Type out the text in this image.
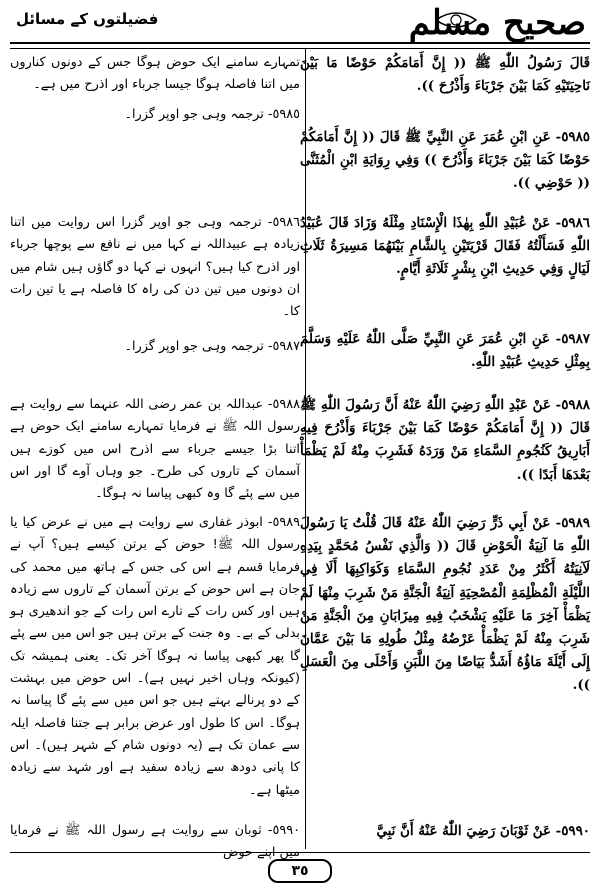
صحیح مسلم
فضیلتوں کے مسائل
قَالَ رَسُولُ اللّٰهِ ﷺ (( إِنَّ أَمَامَكُمْ حَوْضًا مَا بَيْنَ نَاحِيَتَيْهِ كَمَا بَيْنَ جَرْبَاءَ وَأَذْرُحَ )).
٥٩٨٥- عَنِ ابْنِ عُمَرَ عَنِ النَّبِيِّ ﷺ قَالَ (( إِنَّ أَمَامَكُمْ حَوْضًا كَمَا بَيْنَ جَرْبَاءَ وَأَذْرُحَ )) وَفِي رِوَايَةِ ابْنِ الْمُثَنَّى (( حَوْضِي )).
٥٩٨٦- عَنْ عُبَيْدِ اللّٰهِ بِهٰذَا الْإِسْنَادِ مِثْلَهُ وَزَادَ قَالَ عُبَيْدُ اللّٰهِ فَسَأَلْتُهُ فَقَالَ قَرْيَتَيْنِ بِالشَّامِ بَيْنَهُمَا مَسِيرَةُ ثَلَاثِ لَيَالٍ وَفِي حَدِيثِ ابْنِ بِشْرٍ ثَلَاثَةِ أَيَّامٍ.
٥٩٨٧- عَنِ ابْنِ عُمَرَ عَنِ النَّبِيِّ صَلَّى اللّٰهُ عَلَيْهِ وَسَلَّمَ بِمِثْلِ حَدِيثِ عُبَيْدِ اللّٰهِ.
٥٩٨٨- عَنْ عَبْدِ اللّٰهِ رَضِيَ اللّٰهُ عَنْهُ أَنَّ رَسُولَ اللّٰهِ ﷺ قَالَ (( إِنَّ أَمَامَكُمْ حَوْضًا كَمَا بَيْنَ جَرْبَاءَ وَأَذْرُحَ فِيهِ أَبَارِيقُ كَنُجُومِ السَّمَاءِ مَنْ وَرَدَهُ فَشَرِبَ مِنْهُ لَمْ يَظْمَأْ بَعْدَهَا أَبَدًا )).
٥٩٨٩- عَنْ أَبِي ذَرٍّ رَضِيَ اللّٰهُ عَنْهُ قَالَ قُلْتُ يَا رَسُولَ اللّٰهِ مَا آنِيَةُ الْحَوْضِ قَالَ (( وَالَّذِي نَفْسُ مُحَمَّدٍ بِيَدِهِ لَآنِيَتُهُ أَكْثَرُ مِنْ عَدَدِ نُجُومِ السَّمَاءِ وَكَوَاكِبِهَا أَلَا فِي اللَّيْلَةِ الْمُظْلِمَةِ الْمُصْحِيَةِ آنِيَةُ الْجَنَّةِ مَنْ شَرِبَ مِنْهَا لَمْ يَظْمَأْ آخِرَ مَا عَلَيْهِ يَشْخَبُ فِيهِ مِيزَابَانِ مِنَ الْجَنَّةِ مَنْ شَرِبَ مِنْهُ لَمْ يَظْمَأْ عَرْضُهُ مِثْلُ طُولِهِ مَا بَيْنَ عَمَّانَ إِلَى أَيْلَةَ مَاؤُهُ أَشَدُّ بَيَاضًا مِنَ اللَّبَنِ وَأَحْلَى مِنَ الْعَسَلِ )).
٥٩٩٠- عَنْ ثَوْبَانَ رَضِيَ اللّٰهُ عَنْهُ أَنَّ نَبِيَّ
تمہارے سامنے ایک حوض ہوگا جس کے دونوں کناروں میں اتنا فاصلہ ہوگا جیسا جرباء اور اذرح میں ہے۔
٥٩٨٥- ترجمہ وہی جو اوپر گزرا۔
٥٩٨٦- ترجمہ وہی جو اوپر گزرا اس روایت میں اتنا زیادہ ہے عبیداللہ نے کہا میں نے نافع سے پوچھا جرباء اور اذرح کیا ہیں؟ انہوں نے کہا دو گاؤں ہیں شام میں ان دونوں میں تین دن کی راہ کا فاصلہ ہے یا تین رات کا۔
٥٩٨٧- ترجمہ وہی جو اوپر گزرا۔
٥٩٨٨- عبداللہ بن عمر رضی اللہ عنہما سے روایت ہے رسول اللہ ﷺ نے فرمایا تمہارے سامنے ایک حوض ہے اتنا بڑا جیسے جرباء سے اذرح اس میں کوزے ہیں آسمان کے تاروں کی طرح۔ جو وہاں آوے گا اور اس میں سے پئے گا وہ کبھی پیاسا نہ ہوگا۔
٥٩٨٩- ابوذر غفاری سے روایت ہے میں نے عرض کیا یا رسول اللہ ﷺ! حوض کے برتن کیسے ہیں؟ آپ نے فرمایا قسم ہے اس کی جس کے ہاتھ میں محمد کی جان ہے اس حوض کے برتن آسمان کے تاروں سے زیادہ ہیں اور کس رات کے تارے اس رات کے جو اندھیری ہو بدلی کے بے۔ وہ جنت کے برتن ہیں جو اس میں سے پئے گا پھر کبھی پیاسا نہ ہوگا آخر تک۔ یعنی ہمیشہ تک (کیونکہ وہاں اخیر نہیں ہے)۔ اس حوض میں بہشت کے دو پرنالے بہتے ہیں جو اس میں سے پئے گا پیاسا نہ ہوگا۔ اس کا طول اور عرض برابر ہے جتنا فاصلہ ایلہ سے عمان تک ہے (یہ دونوں شام کے شہر ہیں)۔ اس کا پانی دودھ سے زیادہ سفید ہے اور شہد سے زیادہ میٹھا ہے۔
٥٩٩٠- ثوبان سے روایت ہے رسول اللہ ﷺ نے فرمایا میں اپنے حوض
٣٥
